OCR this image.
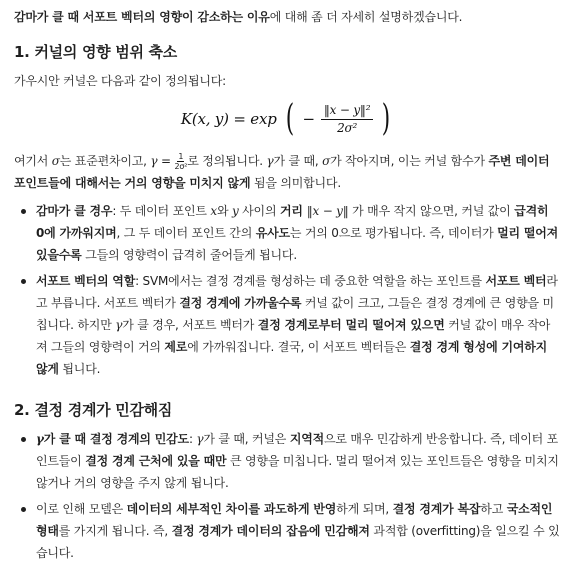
감마가 클 때 서포트 벡터의 영향이 감소하는 이유에 대해 좀 더 자세히 설명하겠습니다.

1. 커널의 영향 범위 축소

가우시안 커널은 다음과 같이 정의됩니다:

K(x, y) = exp ( − $\frac{\text{‖x − y‖²}}{\text{2σ²}}$ )

여기서 σ는 표준편차이고, $\gamma = \frac{1}{\text{2σ²}}$ 로 정의됩니다. γ가 클 때, σ가 작아지며, 이는 커널 함수가 주변 데이터 포인트들에 대해서는 거의 영향을 미치지 않게 됨을 의미합니다.

감마가 클 경우: 두 데이터 포인트 x와 y 사이의 거리 ‖x − y‖ 가 매우 작지 않으면, 커널 값이 급격히 0에 가까워지며, 그 두 데이터 포인트 간의 유사도는 거의 0으로 평가됩니다. 즉, 데이터가 멀리 떨어져 있을수록 그들의 영향력이 급격히 줄어들게 됩니다.
서포트 벡터의 역할: SVM에서는 결정 경계를 형성하는 데 중요한 역할을 하는 포인트를 서포트 벡터라고 부릅니다. 서포트 벡터가 결정 경계에 가까울수록 커널 값이 크고, 그들은 결정 경계에 큰 영향을 미칩니다. 하지만 γ가 클 경우, 서포트 벡터가 결정 경계로부터 멀리 떨어져 있으면 커널 값이 매우 작아져 그들의 영향력이 거의 제로에 가까워집니다. 결국, 이 서포트 벡터들은 결정 경계 형성에 기여하지 않게 됩니다.
2. 결정 경계가 민감해짐
γ가 클 때 결정 경계의 민감도: γ가 클 때, 커널은 지역적으로 매우 민감하게 반응합니다. 즉, 데이터 포인트들이 결정 경계 근처에 있을 때만 큰 영향을 미칩니다. 멀리 떨어져 있는 포인트들은 영향을 미치지 않거나 거의 영향을 주지 않게 됩니다.
이로 인해 모델은 데이터의 세부적인 차이를 과도하게 반영하게 되며, 결정 경계가 복잡하고 국소적인 형태를 가지게 됩니다. 즉, 결정 경계가 데이터의 잡음에 민감해져 과적합 (overfitting)을 일으킬 수 있습니다.
